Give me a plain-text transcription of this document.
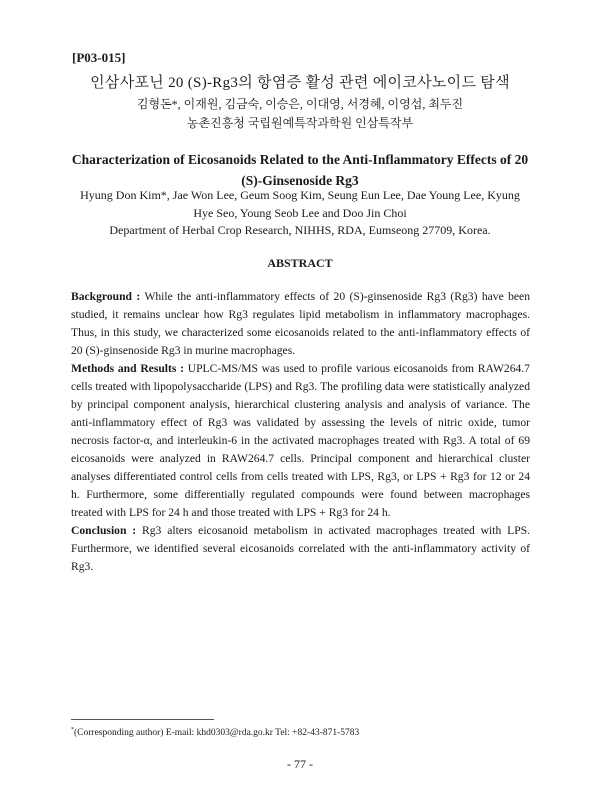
[P03-015]
인삼사포닌 20 (S)-Rg3의 항염증 활성 관련 에이코사노이드 탐색
김형돈*, 이재원, 김금숙, 이승은, 이대영, 서경혜, 이영섭, 최두진
농촌진흥청 국립원예특작과학원 인삼특작부
Characterization of Eicosanoids Related to the Anti-Inflammatory Effects of 20
(S)-Ginsenoside Rg3
Hyung Don Kim*, Jae Won Lee, Geum Soog Kim, Seung Eun Lee, Dae Young Lee, Kyung
Hye Seo, Young Seob Lee and Doo Jin Choi
Department of Herbal Crop Research, NIHHS, RDA, Eumseong 27709, Korea.
ABSTRACT

Background : While the anti-inflammatory effects of 20 (S)-ginsenoside Rg3 (Rg3) have been studied, it remains unclear how Rg3 regulates lipid metabolism in inflammatory macrophages. Thus, in this study, we characterized some eicosanoids related to the anti-inflammatory effects of 20 (S)-ginsenoside Rg3 in murine macrophages.

Methods and Results : UPLC-MS/MS was used to profile various eicosanoids from RAW264.7 cells treated with lipopolysaccharide (LPS) and Rg3. The profiling data were statistically analyzed by principal component analysis, hierarchical clustering analysis and analysis of variance. The anti-inflammatory effect of Rg3 was validated by assessing the levels of nitric oxide, tumor necrosis factor-α, and interleukin-6 in the activated macrophages treated with Rg3. A total of 69 eicosanoids were analyzed in RAW264.7 cells. Principal component and hierarchical cluster analyses differentiated control cells from cells treated with LPS, Rg3, or LPS + Rg3 for 12 or 24 h. Furthermore, some differentially regulated compounds were found between macrophages treated with LPS for 24 h and those treated with LPS + Rg3 for 24 h.

Conclusion : Rg3 alters eicosanoid metabolism in activated macrophages treated with LPS. Furthermore, we identified several eicosanoids correlated with the anti-inflammatory activity of Rg3.

*(Corresponding author) E-mail: khd0303@rda.go.kr Tel: +82-43-871-5783
- 77 -
